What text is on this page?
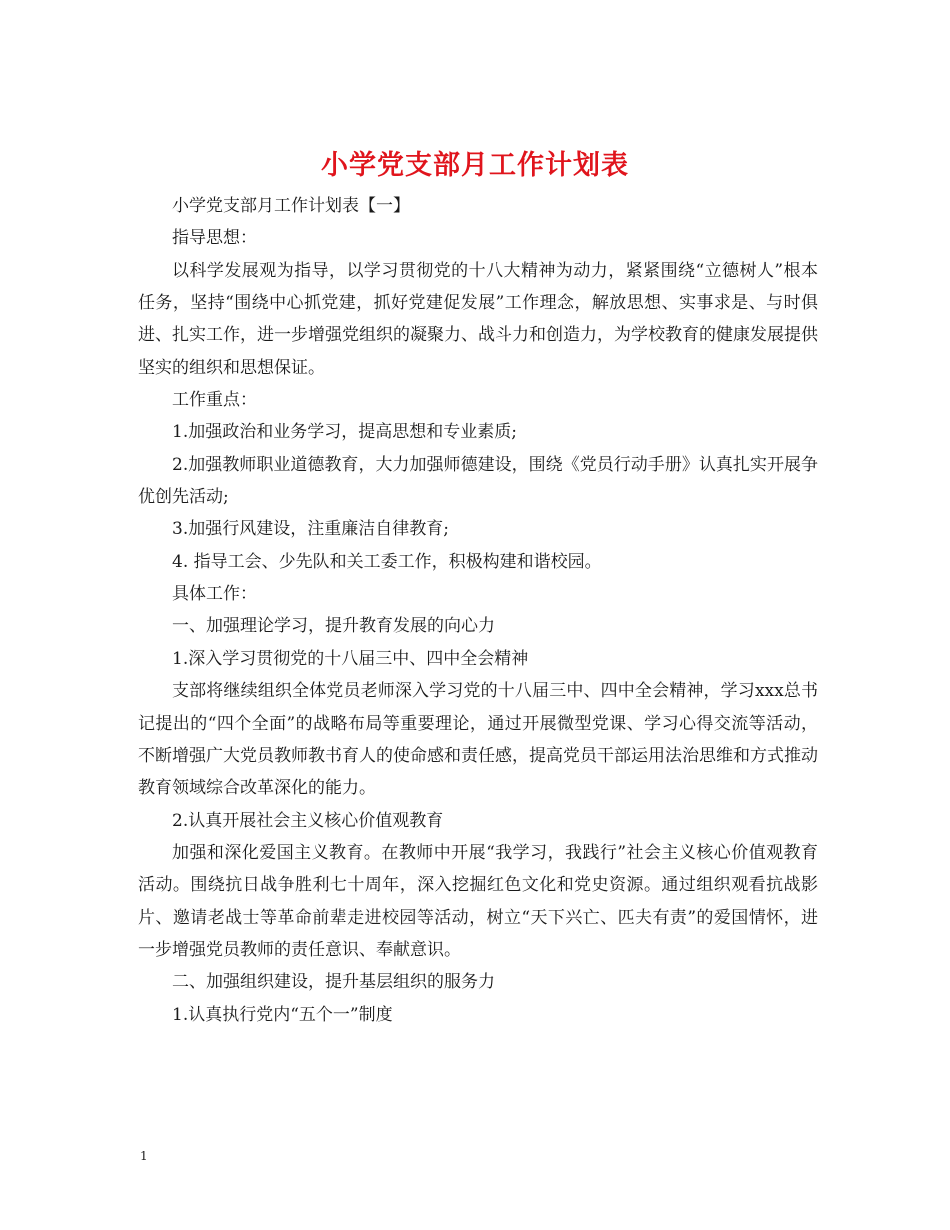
小学党支部月工作计划表

小学党支部月工作计划表【一】

指导思想：

以科学发展观为指导，以学习贯彻党的十八大精神为动力，紧紧围绕“立德树人”根本任务，坚持“围绕中心抓党建，抓好党建促发展”工作理念，解放思想、实事求是、与时俱进、扎实工作，进一步增强党组织的凝聚力、战斗力和创造力，为学校教育的健康发展提供坚实的组织和思想保证。

工作重点：

1.加强政治和业务学习，提高思想和专业素质;

2.加强教师职业道德教育，大力加强师德建设，围绕《党员行动手册》认真扎实开展争优创先活动;

3.加强行风建设，注重廉洁自律教育;

4. 指导工会、少先队和关工委工作，积极构建和谐校园。

具体工作：

一、加强理论学习，提升教育发展的向心力

1.深入学习贯彻党的十八届三中、四中全会精神

支部将继续组织全体党员老师深入学习党的十八届三中、四中全会精神，学习xxx总书记提出的“四个全面”的战略布局等重要理论，通过开展微型党课、学习心得交流等活动，不断增强广大党员教师教书育人的使命感和责任感，提高党员干部运用法治思维和方式推动教育领域综合改革深化的能力。

2.认真开展社会主义核心价值观教育

加强和深化爱国主义教育。在教师中开展“我学习，我践行”社会主义核心价值观教育活动。围绕抗日战争胜利七十周年，深入挖掘红色文化和党史资源。通过组织观看抗战影片、邀请老战士等革命前辈走进校园等活动，树立“天下兴亡、匹夫有责”的爱国情怀，进一步增强党员教师的责任意识、奉献意识。

二、加强组织建设，提升基层组织的服务力

1.认真执行党内“五个一”制度

1
